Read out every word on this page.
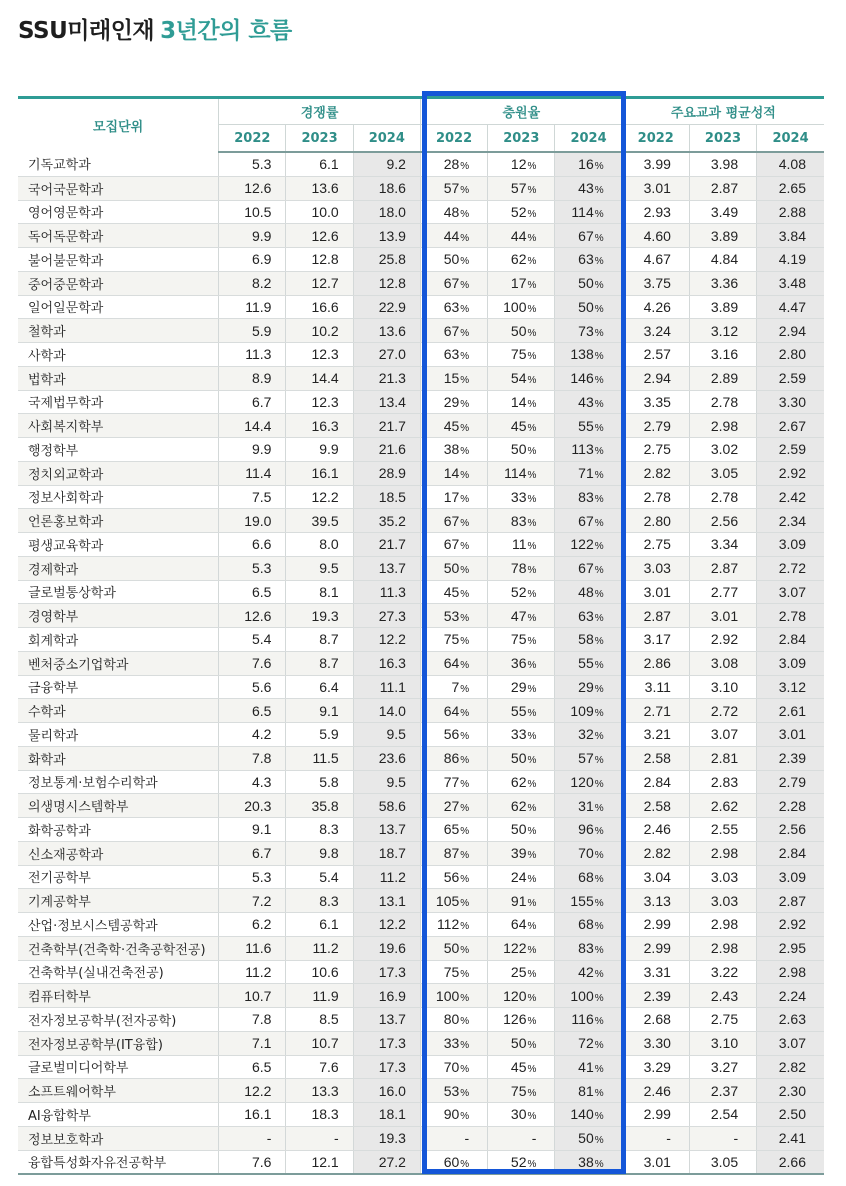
SSU미래인재 3년간의 흐름
모집단위	경쟁률			충원율			주요교과 평균성적		
	2022	2023	2024	2022	2023	2024	2022	2023	2024
기독교학과	5.3	6.1	9.2	28%	12%	16%	3.99	3.98	4.08
국어국문학과	12.6	13.6	18.6	57%	57%	43%	3.01	2.87	2.65
영어영문학과	10.5	10.0	18.0	48%	52%	114%	2.93	3.49	2.88
독어독문학과	9.9	12.6	13.9	44%	44%	67%	4.60	3.89	3.84
불어불문학과	6.9	12.8	25.8	50%	62%	63%	4.67	4.84	4.19
중어중문학과	8.2	12.7	12.8	67%	17%	50%	3.75	3.36	3.48
일어일문학과	11.9	16.6	22.9	63%	100%	50%	4.26	3.89	4.47
철학과	5.9	10.2	13.6	67%	50%	73%	3.24	3.12	2.94
사학과	11.3	12.3	27.0	63%	75%	138%	2.57	3.16	2.80
법학과	8.9	14.4	21.3	15%	54%	146%	2.94	2.89	2.59
국제법무학과	6.7	12.3	13.4	29%	14%	43%	3.35	2.78	3.30
사회복지학부	14.4	16.3	21.7	45%	45%	55%	2.79	2.98	2.67
행정학부	9.9	9.9	21.6	38%	50%	113%	2.75	3.02	2.59
정치외교학과	11.4	16.1	28.9	14%	114%	71%	2.82	3.05	2.92
정보사회학과	7.5	12.2	18.5	17%	33%	83%	2.78	2.78	2.42
언론홍보학과	19.0	39.5	35.2	67%	83%	67%	2.80	2.56	2.34
평생교육학과	6.6	8.0	21.7	67%	11%	122%	2.75	3.34	3.09
경제학과	5.3	9.5	13.7	50%	78%	67%	3.03	2.87	2.72
글로벌통상학과	6.5	8.1	11.3	45%	52%	48%	3.01	2.77	3.07
경영학부	12.6	19.3	27.3	53%	47%	63%	2.87	3.01	2.78
회계학과	5.4	8.7	12.2	75%	75%	58%	3.17	2.92	2.84
벤처중소기업학과	7.6	8.7	16.3	64%	36%	55%	2.86	3.08	3.09
금융학부	5.6	6.4	11.1	7%	29%	29%	3.11	3.10	3.12
수학과	6.5	9.1	14.0	64%	55%	109%	2.71	2.72	2.61
물리학과	4.2	5.9	9.5	56%	33%	32%	3.21	3.07	3.01
화학과	7.8	11.5	23.6	86%	50%	57%	2.58	2.81	2.39
정보통계·보험수리학과	4.3	5.8	9.5	77%	62%	120%	2.84	2.83	2.79
의생명시스템학부	20.3	35.8	58.6	27%	62%	31%	2.58	2.62	2.28
화학공학과	9.1	8.3	13.7	65%	50%	96%	2.46	2.55	2.56
신소재공학과	6.7	9.8	18.7	87%	39%	70%	2.82	2.98	2.84
전기공학부	5.3	5.4	11.2	56%	24%	68%	3.04	3.03	3.09
기계공학부	7.2	8.3	13.1	105%	91%	155%	3.13	3.03	2.87
산업·정보시스템공학과	6.2	6.1	12.2	112%	64%	68%	2.99	2.98	2.92
건축학부(건축학·건축공학전공)	11.6	11.2	19.6	50%	122%	83%	2.99	2.98	2.95
건축학부(실내건축전공)	11.2	10.6	17.3	75%	25%	42%	3.31	3.22	2.98
컴퓨터학부	10.7	11.9	16.9	100%	120%	100%	2.39	2.43	2.24
전자정보공학부(전자공학)	7.8	8.5	13.7	80%	126%	116%	2.68	2.75	2.63
전자정보공학부(IT융합)	7.1	10.7	17.3	33%	50%	72%	3.30	3.10	3.07
글로벌미디어학부	6.5	7.6	17.3	70%	45%	41%	3.29	3.27	2.82
소프트웨어학부	12.2	13.3	16.0	53%	75%	81%	2.46	2.37	2.30
AI융합학부	16.1	18.3	18.1	90%	30%	140%	2.99	2.54	2.50
정보보호학과	-	-	19.3	-	-	50%	-	-	2.41
융합특성화자유전공학부	7.6	12.1	27.2	60%	52%	38%	3.01	3.05	2.66
